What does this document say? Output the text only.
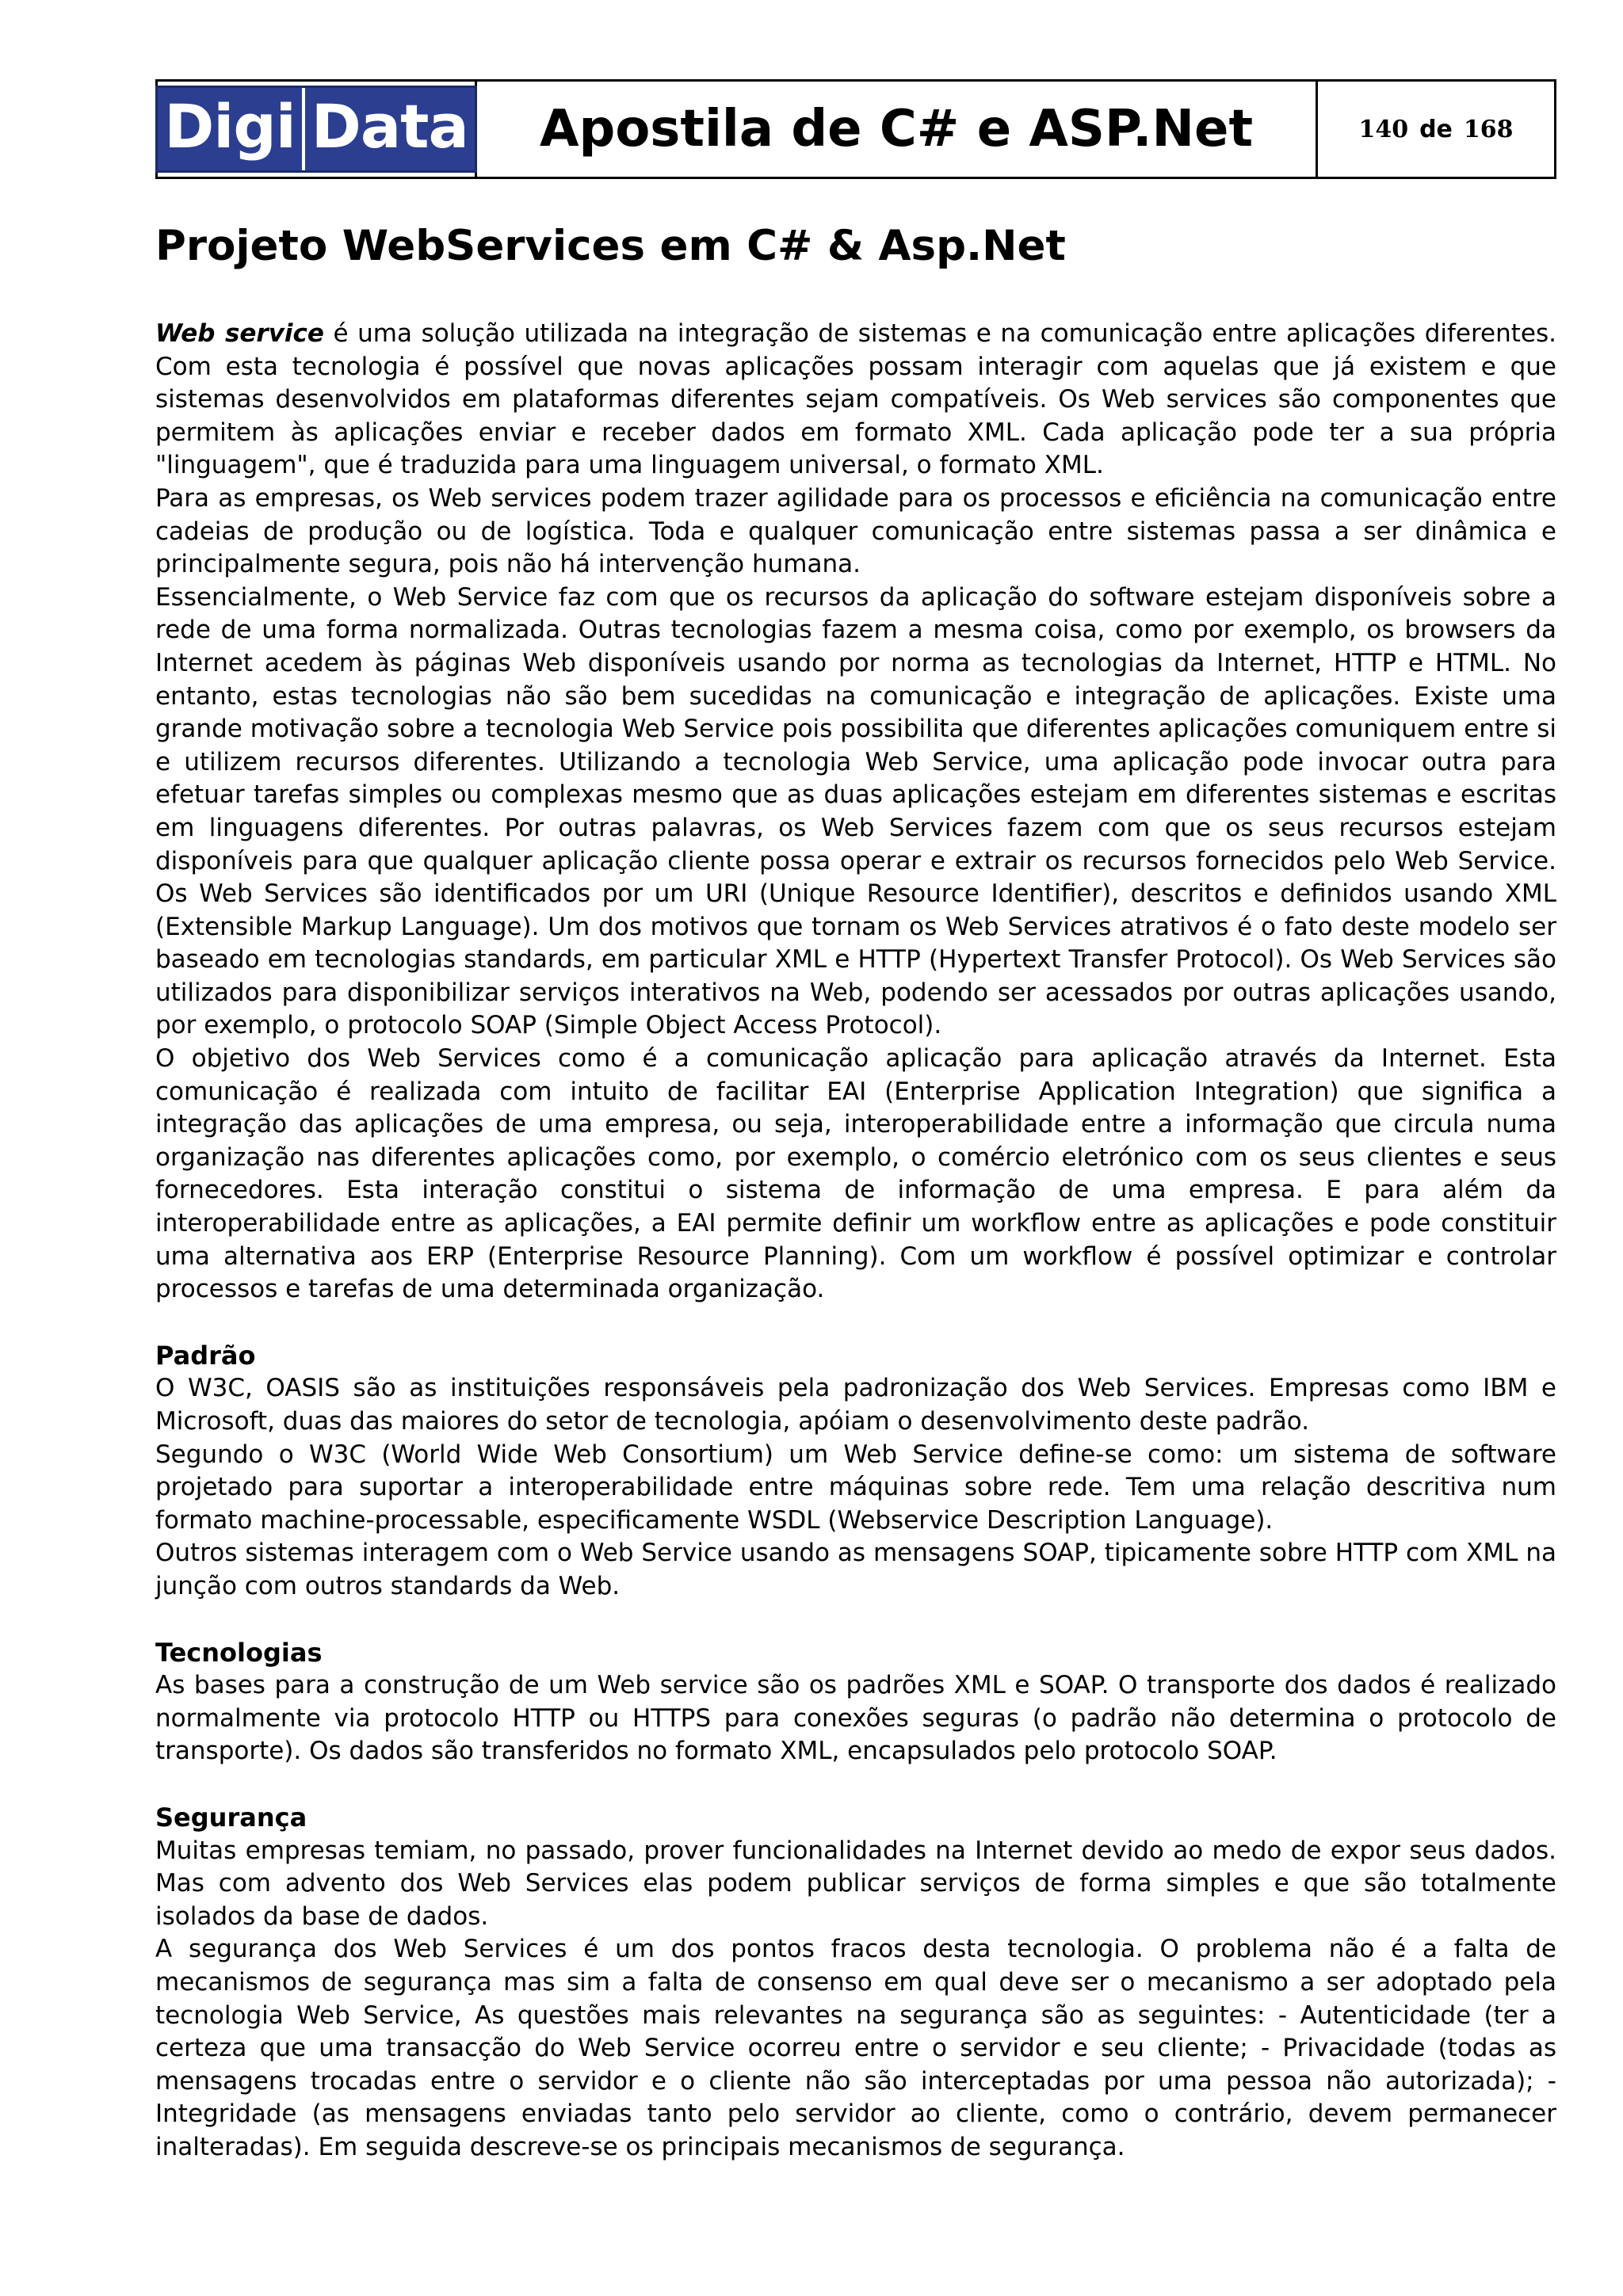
Digi Data Apostila de C# e ASP.Net	140 de 168
Projeto WebServices em C# & Asp.Net

Web service é uma solução utilizada na integração de sistemas e na comunicação entre aplicações diferentes. Com esta tecnologia é possível que novas aplicações possam interagir com aquelas que já existem e que sistemas desenvolvidos em plataformas diferentes sejam compatíveis. Os Web services são componentes que permitem às aplicações enviar e receber dados em formato XML. Cada aplicação pode ter a sua própria "linguagem", que é traduzida para uma linguagem universal, o formato XML.

Para as empresas, os Web services podem trazer agilidade para os processos e eficiência na comunicação entre cadeias de produção ou de logística. Toda e qualquer comunicação entre sistemas passa a ser dinâmica e principalmente segura, pois não há intervenção humana.

Essencialmente, o Web Service faz com que os recursos da aplicação do software estejam disponíveis sobre a rede de uma forma normalizada. Outras tecnologias fazem a mesma coisa, como por exemplo, os browsers da Internet acedem às páginas Web disponíveis usando por norma as tecnologias da Internet, HTTP e HTML. No entanto, estas tecnologias não são bem sucedidas na comunicação e integração de aplicações. Existe uma grande motivação sobre a tecnologia Web Service pois possibilita que diferentes aplicações comuniquem entre si e utilizem recursos diferentes. Utilizando a tecnologia Web Service, uma aplicação pode invocar outra para efetuar tarefas simples ou complexas mesmo que as duas aplicações estejam em diferentes sistemas e escritas em linguagens diferentes. Por outras palavras, os Web Services fazem com que os seus recursos estejam disponíveis para que qualquer aplicação cliente possa operar e extrair os recursos fornecidos pelo Web Service. Os Web Services são identificados por um URI (Unique Resource Identifier), descritos e definidos usando XML (Extensible Markup Language). Um dos motivos que tornam os Web Services atrativos é o fato deste modelo ser baseado em tecnologias standards, em particular XML e HTTP (Hypertext Transfer Protocol). Os Web Services são utilizados para disponibilizar serviços interativos na Web, podendo ser acessados por outras aplicações usando, por exemplo, o protocolo SOAP (Simple Object Access Protocol).

O objetivo dos Web Services como é a comunicação aplicação para aplicação através da Internet. Esta comunicação é realizada com intuito de facilitar EAI (Enterprise Application Integration) que significa a integração das aplicações de uma empresa, ou seja, interoperabilidade entre a informação que circula numa organização nas diferentes aplicações como, por exemplo, o comércio eletrónico com os seus clientes e seus fornecedores. Esta interação constitui o sistema de informação de uma empresa. E para além da interoperabilidade entre as aplicações, a EAI permite definir um workflow entre as aplicações e pode constituir uma alternativa aos ERP (Enterprise Resource Planning). Com um workflow é possível optimizar e controlar processos e tarefas de uma determinada organização.

Padrão

O W3C, OASIS são as instituições responsáveis pela padronização dos Web Services. Empresas como IBM e Microsoft, duas das maiores do setor de tecnologia, apóiam o desenvolvimento deste padrão.

Segundo o W3C (World Wide Web Consortium) um Web Service define-se como: um sistema de software projetado para suportar a interoperabilidade entre máquinas sobre rede. Tem uma relação descritiva num formato machine-processable, especificamente WSDL (Webservice Description Language).

Outros sistemas interagem com o Web Service usando as mensagens SOAP, tipicamente sobre HTTP com XML na junção com outros standards da Web.

Tecnologias

As bases para a construção de um Web service são os padrões XML e SOAP. O transporte dos dados é realizado normalmente via protocolo HTTP ou HTTPS para conexões seguras (o padrão não determina o protocolo de transporte). Os dados são transferidos no formato XML, encapsulados pelo protocolo SOAP.

Segurança

Muitas empresas temiam, no passado, prover funcionalidades na Internet devido ao medo de expor seus dados. Mas com advento dos Web Services elas podem publicar serviços de forma simples e que são totalmente isolados da base de dados.

A segurança dos Web Services é um dos pontos fracos desta tecnologia. O problema não é a falta de mecanismos de segurança mas sim a falta de consenso em qual deve ser o mecanismo a ser adoptado pela tecnologia Web Service, As questões mais relevantes na segurança são as seguintes: - Autenticidade (ter a certeza que uma transacção do Web Service ocorreu entre o servidor e seu cliente; - Privacidade (todas as mensagens trocadas entre o servidor e o cliente não são interceptadas por uma pessoa não autorizada); - Integridade (as mensagens enviadas tanto pelo servidor ao cliente, como o contrário, devem permanecer inalteradas). Em seguida descreve-se os principais mecanismos de segurança.
